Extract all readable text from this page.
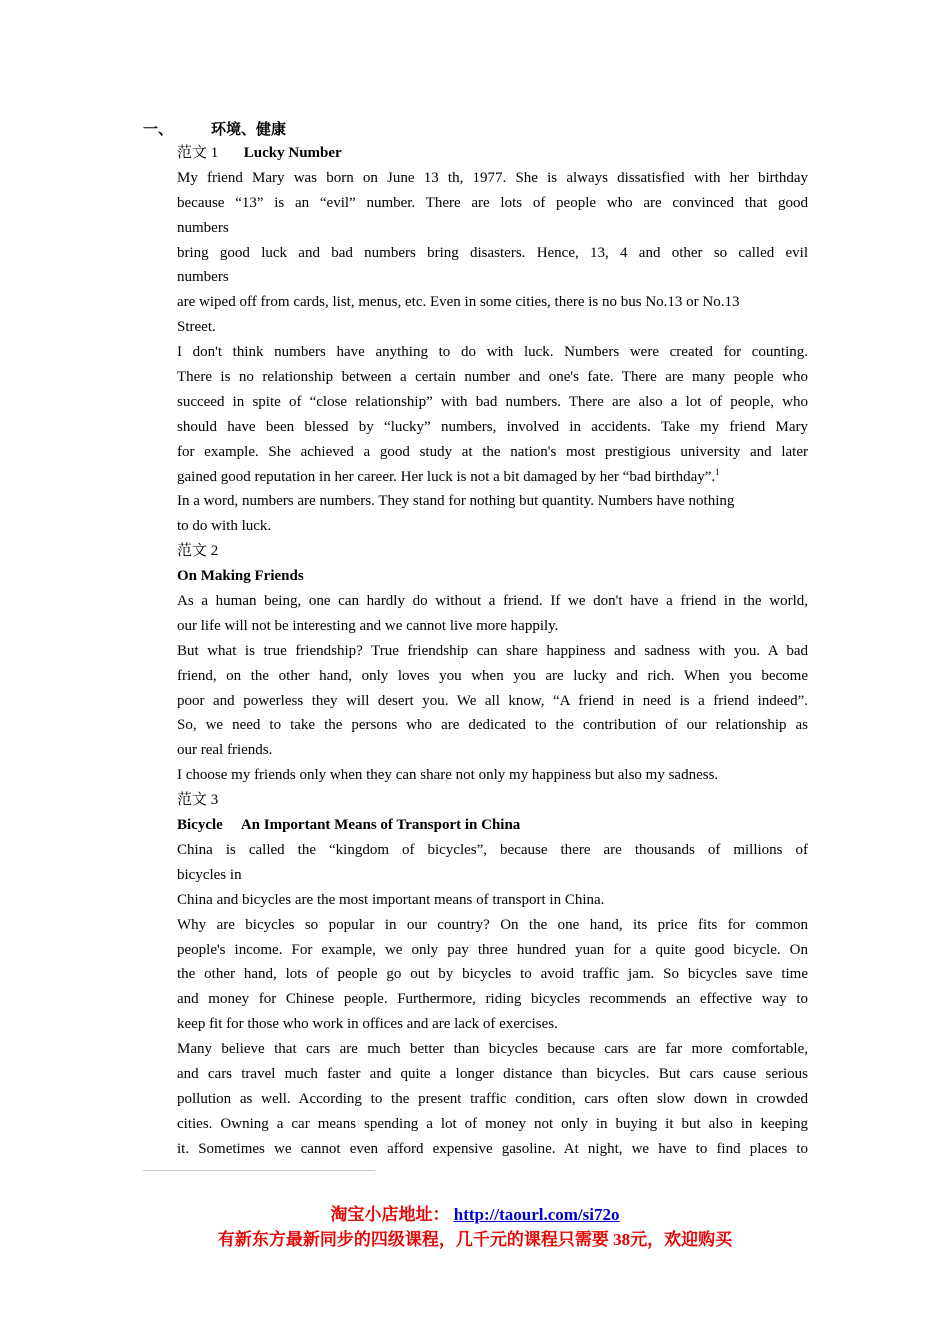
一、	环境、健康
范文 1 Lucky Number
My friend Mary was born on June 13 th, 1977. She is always dissatisfied with her birthday
because “13” is an “evil” number. There are lots of people who are convinced that good
numbers
bring good luck and bad numbers bring disasters. Hence, 13, 4 and other so called evil
numbers
are wiped off from cards, list, menus, etc. Even in some cities, there is no bus No.13 or No.13
Street.
I don't think numbers have anything to do with luck. Numbers were created for counting.
There is no relationship between a certain number and one's fate. There are many people who
succeed in spite of “close relationship” with bad numbers. There are also a lot of people, who
should have been blessed by “lucky” numbers, involved in accidents. Take my friend Mary
for example. She achieved a good study at the nation's most prestigious university and later
gained good reputation in her career. Her luck is not a bit damaged by her “bad birthday”.$^1$
In a word, numbers are numbers. They stand for nothing but quantity. Numbers have nothing
to do with luck.
范文 2
On Making Friends
As a human being, one can hardly do without a friend. If we don't have a friend in the world,
our life will not be interesting and we cannot live more happily.
But what is true friendship? True friendship can share happiness and sadness with you. A bad
friend, on the other hand, only loves you when you are lucky and rich. When you become
poor and powerless they will desert you. We all know, “A friend in need is a friend indeed”.
So, we need to take the persons who are dedicated to the contribution of our relationship as
our real friends.
I choose my friends only when they can share not only my happiness but also my sadness.
范文 3
Bicycle An Important Means of Transport in China
China is called the “kingdom of bicycles”, because there are thousands of millions of
bicycles in
China and bicycles are the most important means of transport in China.
Why are bicycles so popular in our country? On the one hand, its price fits for common
people's income. For example, we only pay three hundred yuan for a quite good bicycle. On
the other hand, lots of people go out by bicycles to avoid traffic jam. So bicycles save time
and money for Chinese people. Furthermore, riding bicycles recommends an effective way to
keep fit for those who work in offices and are lack of exercises.
Many believe that cars are much better than bicycles because cars are far more comfortable,
and cars travel much faster and quite a longer distance than bicycles. But cars cause serious
pollution as well. According to the present traffic condition, cars often slow down in crowded
cities. Owning a car means spending a lot of money not only in buying it but also in keeping
it. Sometimes we cannot even afford expensive gasoline. At night, we have to find places to
淘宝小店地址： http://taourl.com/si72o
有新东方最新同步的四级课程，几千元的课程只需要 38元，欢迎购买
